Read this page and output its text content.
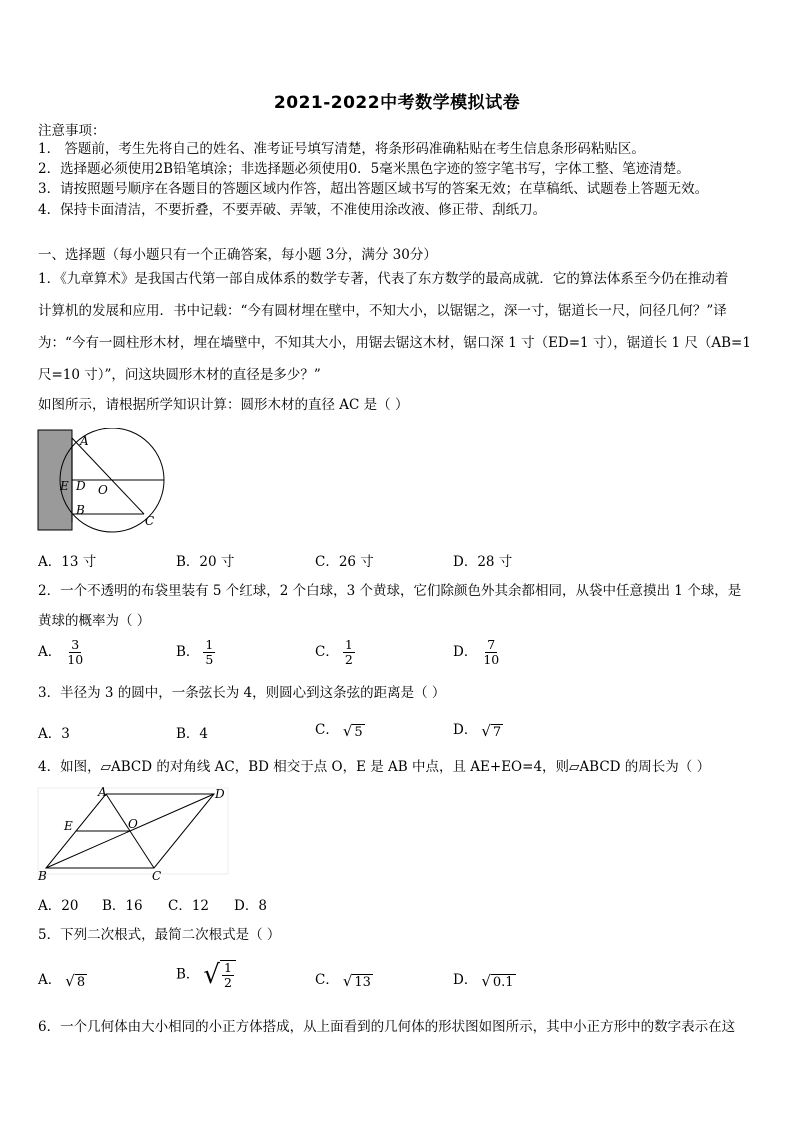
2021-2022中考数学模拟试卷
注意事项：
1． 答题前，考生先将自己的姓名、准考证号填写清楚，将条形码准确粘贴在考生信息条形码粘贴区。
2．选择题必须使用2B铅笔填涂；非选择题必须使用0．5毫米黑色字迹的签字笔书写，字体工整、笔迹清楚。
3．请按照题号顺序在各题目的答题区域内作答，超出答题区域书写的答案无效；在草稿纸、试题卷上答题无效。
4．保持卡面清洁，不要折叠，不要弄破、弄皱，不准使用涂改液、修正带、刮纸刀。
一、选择题（每小题只有一个正确答案，每小题 3分，满分 30分）
1．《九章算术》是我国古代第一部自成体系的数学专著，代表了东方数学的最高成就．它的算法体系至今仍在推动着
计算机的发展和应用．书中记载：“今有圆材埋在壁中，不知大小，以锯锯之，深一寸，锯道长一尺，问径几何？”译
为：“今有一圆柱形木材，埋在墙壁中，不知其大小，用锯去锯这木材，锯口深 1 寸（ED=1 寸），锯道长 1 尺（AB=1
尺=10 寸）”，问这块圆形木材的直径是多少？”
如图所示，请根据所学知识计算：圆形木材的直径 AC 是（ ）
A
E D O
B
C
A．13 寸	B．20 寸	C．26 寸	D．28 寸
2．一个不透明的布袋里装有 5 个红球，2 个白球，3 个黄球，它们除颜色外其余都相同，从袋中任意摸出 1 个球，是
黄球的概率为（ ）
A． $\frac{3}{10}$	B． $\frac{1}{5}$	C． $\frac{1}{2}$	D． $\frac{7}{10}$
3．半径为 3 的圆中，一条弦长为 4，则圆心到这条弦的距离是（ ）
A．3	B．4	C． √ 5	D． √ 7
4．如图，▱ABCD 的对角线 AC，BD 相交于点 O，E 是 AB 中点，且 AE+EO=4，则▱ABCD 的周长为（ ）
A	D
E	O
B	C
A．20 B．16 C．12 D．8
5．下列二次根式，最简二次根式是（ ）
A． √ 8	B． √ $\frac{1}{2}$	C． √ 13	D． √ 0.1
6．一个几何体由大小相同的小正方体搭成，从上面看到的几何体的形状图如图所示，其中小正方形中的数字表示在这
